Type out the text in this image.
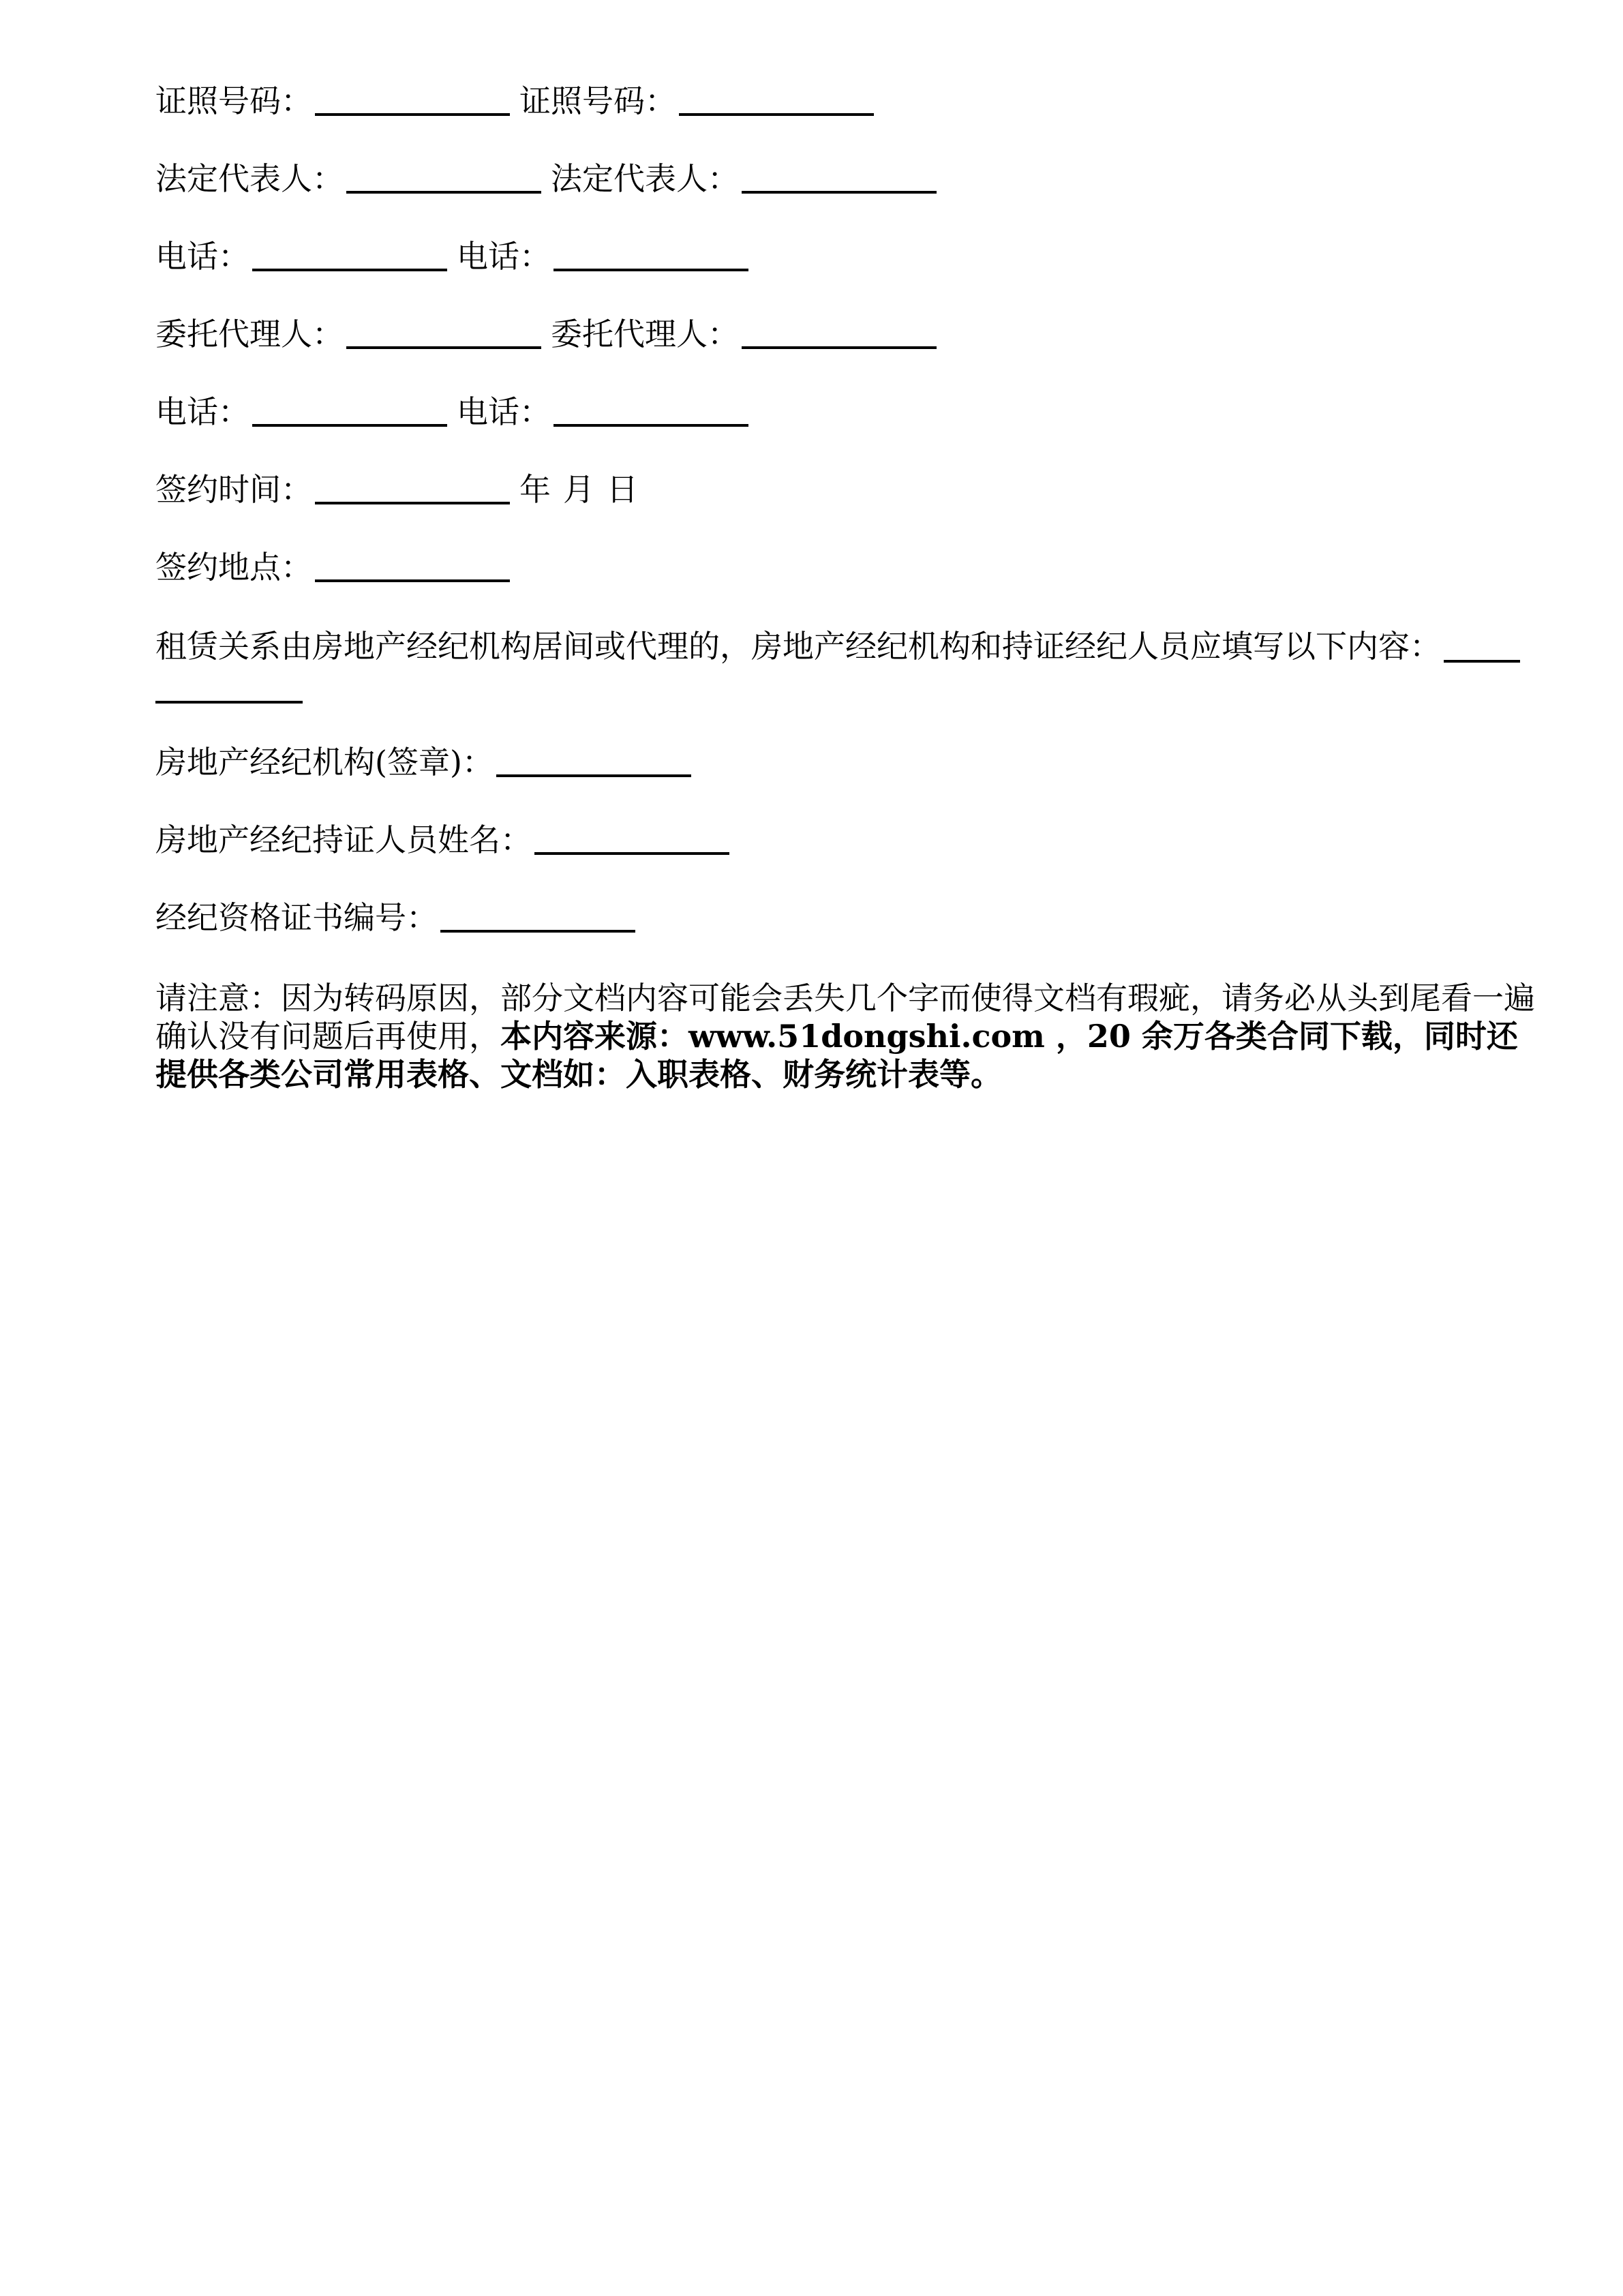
证照号码：	证照号码：
法定代表人：	法定代表人：
电话：	电话：
委托代理人：	委托代理人：
电话：	电话：
签约时间：	年 月 日
签约地点：
租赁关系由房地产经纪机构居间或代理的，房地产经纪机构和持证经纪人员应填写以下内容：
房地产经纪机构(签章)：
房地产经纪持证人员姓名：
经纪资格证书编号：
请注意：因为转码原因，部分文档内容可能会丢失几个字而使得文档有瑕疵，请务必从头到尾看一遍确认没有问题后再使用，本内容来源：www.51dongshi.com ，20 余万各类合同下载，同时还提供各类公司常用表格、文档如：入职表格、财务统计表等。
